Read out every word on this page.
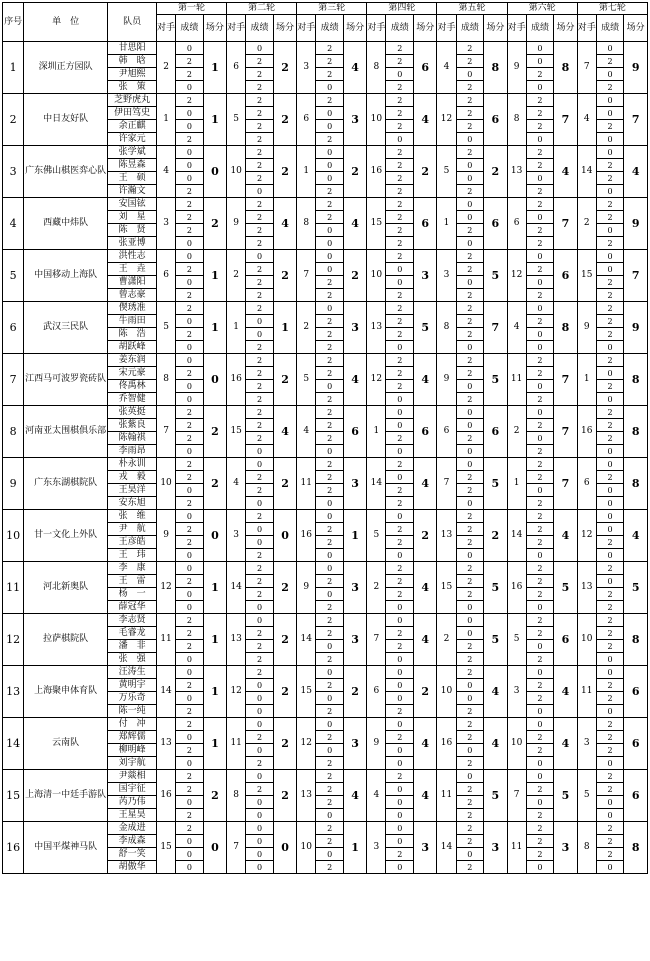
序号	单　位	队员	第一轮			第二轮			第三轮			第四轮			第五轮			第六轮			第七轮		
			对手	成绩	场分	对手	成绩	场分	对手	成绩	场分	对手	成绩	场分	对手	成绩	场分	对手	成绩	场分	对手	成绩	场分
1	深圳正方园队	甘思阳	2	0	1	6	0	2	3	2	4	8	2	6	4	2	8	9	0	8	7	0	9
		韩　晗		2			2			2			2			2			0			2	
		尹旭熙		2			2			2			0			0			2			0	
		张　策		0			2			0			2			2			0			2	
2	中日友好队	芝野虎丸	1	2	1	5	2	2	6	2	3	10	2	4	12	2	6	8	2	7	4	0	7
		伊田笃史		0			2			0			2			2			2			0	
		余正麒		0			2			0			2			2			2			2	
		许家元		2			2			2			0			0			0			0	
3	广东佛山棋医弈心队	张学斌	4	0	0	10	2	2	1	0	2	16	2	2	5	2	2	13	2	4	14	0	4
		陈昱森		0			2			0			2			0			2			2	
		王　硕		0			2			0			2			0			0			2	
		许瀚文		2			0			2			2			2			2			0	
4	西藏中炜队	安国铉	3	2	2	9	2	4	8	2	4	15	2	6	1	0	6	6	2	7	2	2	9
		刘　星		2			2			2			2			0			0			2	
		陈　贤		2			2			0			2			2			2			0	
		张亚博		0			2			0			2			0			2			2	
5	中国移动上海队	洪性志	6	0	1	2	0	2	7	0	2	10	2	3	3	2	5	12	0	6	15	0	7
		王　垚		2			2			0			0			2			2			0	
		曹潇阳		0			2			2			0			0			0			2	
		曾志豪		2			2			2			2			2			2			2	
6	武汉三民队	偰琇准	5	2	1	1	2	1	2	0	3	13	2	5	8	2	7	4	0	8	9	2	9
		牛雨田		0			0			2			2			2			2			2	
		陈　浩		2			0			2			2			2			0			2	
		胡跃峰		0			2			2			0			0			0			0	
7	江西马可波罗瓷砖队	姜东润	8	0	0	16	2	2	5	2	4	12	2	4	9	2	5	11	2	7	1	2	8
		宋元豪		2			2			2			2			2			2			0	
		佟禹林		0			2			0			2			0			0			2	
		乔智健		0			2			2			0			2			2			0	
8	河南亚太围棋俱乐部	张英挺	7	2	2	15	2	4	4	2	6	1	0	6	6	0	6	2	0	7	16	2	8
		张紫良		2			2			2			0			0			2			2	
		陈翰祺		2			2			2			2			2			0			2	
		李雨昂		0			0			0			0			0			2			0	
9	广东东湖棋院队	朴永训	10	2	2	4	0	2	11	2	3	14	2	4	7	0	5	1	2	7	6	0	8
		戎　毅		2			2			2			0			2			2			2	
		王昊洋		0			2			2			2			2			0			0	
		安东旭		2			0			0			2			0			2			0	
10	甘一文化上外队	张　维	9	0	0	3	2	0	16	0	1	5	0	2	13	2	2	14	2	4	12	0	4
		尹　航		2			0			2			2			2			2			0	
		王彦皓		2			0			2			2			2			2			2	
		王　玮		0			2			0			0			0			0			0	
11	河北新奥队	李　康	12	0	1	14	2	2	9	0	3	2	2	4	15	2	5	16	2	5	13	2	5
		王　雷		2			2			2			2			2			2			0	
		杨　一		0			2			0			2			2			2			2	
		薛冠华		0			0			2			0			0			0			2	
12	拉萨棋院队	李志贤	11	2	1	13	0	2	14	2	3	7	0	4	2	0	5	5	2	6	10	2	8
		毛睿龙		2			2			2			2			0			2			2	
		潘　非		2			2			0			2			2			0			2	
		张　强		0			2			2			0			2			2			0	
13	上海聚申体育队	汪涛生	14	0	1	12	2	2	15	0	2	6	0	2	10	2	4	3	0	4	11	0	6
		黄明宇		2			0			2			0			0			2			2	
		万乐奇		0			0			0			0			0			2			2	
		陈一纯		2			0			2			2			2			0			0	
14	云南队	付　冲	13	2	1	11	0	2	12	0	3	9	0	4	16	2	4	10	0	4	3	2	6
		郑辉儒		0			2			2			2			2			2			2	
		柳明峰		2			0			0			0			0			2			2	
		刘宇航		0			2			2			0			2			0			0	
15	上海清一中廷手游队	尹燚相	16	2	2	8	0	2	13	2	4	4	2	4	11	0	5	7	0	5	5	2	6
		国宇征		2			2			2			0			2			2			2	
		芮乃伟		0			0			2			0			2			0			0	
		王星昊		2			0			0			0			2			2			0	
16	中国平煤神马队	金成进	15	2	0	7	0	0	10	2	1	3	0	3	14	2	3	11	2	3	8	2	8
		李成森		0			0			2			0			2			2			2	
		舒一笑		0			0			0			2			0			2			2	
		胡傲华		0			0			2			0			2			0			0	
